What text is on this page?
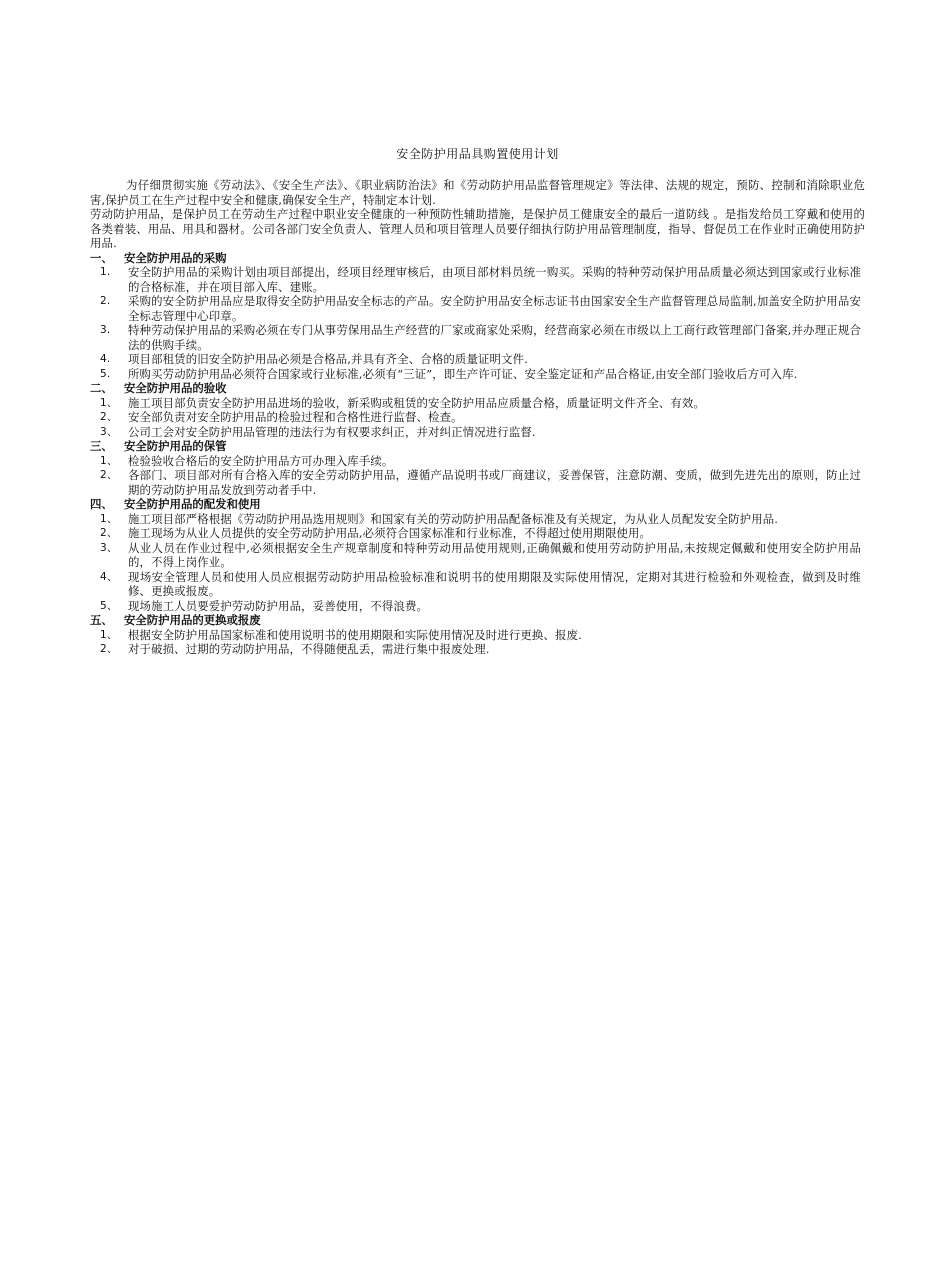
安全防护用品具购置使用计划

为仔细贯彻实施《劳动法》、《安全生产法》、《职业病防治法》和《劳动防护用品监督管理规定》等法律、法规的规定，预防、控制和消除职业危害,保护员工在生产过程中安全和健康,确保安全生产，特制定本计划.

劳动防护用品，是保护员工在劳动生产过程中职业安全健康的一种预防性辅助措施，是保护员工健康安全的最后一道防线 。是指发给员工穿戴和使用的各类着装、用品、用具和器材。公司各部门安全负责人、管理人员和项目管理人员要仔细执行防护用品管理制度，指导、督促员工在作业时正确使用防护用品.

一、 安全防护用品的采购
1.	安全防护用品的采购计划由项目部提出，经项目经理审核后，由项目部材料员统一购买。采购的特种劳动保护用品质量必须达到国家或行业标准的合格标准，并在项目部入库、建账。
2.	采购的安全防护用品应是取得安全防护用品安全标志的产品。安全防护用品安全标志证书由国家安全生产监督管理总局监制,加盖安全防护用品安全标志管理中心印章。
3.	特种劳动保护用品的采购必须在专门从事劳保用品生产经营的厂家或商家处采购，经营商家必须在市级以上工商行政管理部门备案,并办理正规合法的供购手续。
4.	项目部租赁的旧安全防护用品必须是合格品,并具有齐全、合格的质量证明文件.
5.	所购买劳动防护用品必须符合国家或行业标准,必须有“三证”，即生产许可证、安全鉴定证和产品合格证,由安全部门验收后方可入库.
二、 安全防护用品的验收
1、 施工项目部负责安全防护用品进场的验收，新采购或租赁的安全防护用品应质量合格，质量证明文件齐全、有效。
2、 安全部负责对安全防护用品的检验过程和合格性进行监督、检查。
3、 公司工会对安全防护用品管理的违法行为有权要求纠正，并对纠正情况进行监督.
三、 安全防护用品的保管
1、 检验验收合格后的安全防护用品方可办理入库手续。
2、 各部门、项目部对所有合格入库的安全劳动防护用品，遵循产品说明书或厂商建议，妥善保管，注意防潮、变质，做到先进先出的原则，防止过期的劳动防护用品发放到劳动者手中.
四、 安全防护用品的配发和使用
1、 施工项目部严格根据《劳动防护用品选用规则》和国家有关的劳动防护用品配备标准及有关规定，为从业人员配发安全防护用品.
2、 施工现场为从业人员提供的安全劳动防护用品,必须符合国家标准和行业标准，不得超过使用期限使用。
3、 从业人员在作业过程中,必须根据安全生产规章制度和特种劳动用品使用规则,正确佩戴和使用劳动防护用品,未按规定佩戴和使用安全防护用品的，不得上岗作业。
4、 现场安全管理人员和使用人员应根据劳动防护用品检验标准和说明书的使用期限及实际使用情况，定期对其进行检验和外观检查，做到及时维修、更换或报废。
5、 现场施工人员要爱护劳动防护用品，妥善使用，不得浪费。
五、 安全防护用品的更换或报废
1、 根据安全防护用品国家标准和使用说明书的使用期限和实际使用情况及时进行更换、报废.
2、 对于破损、过期的劳动防护用品，不得随便乱丢，需进行集中报废处理.
